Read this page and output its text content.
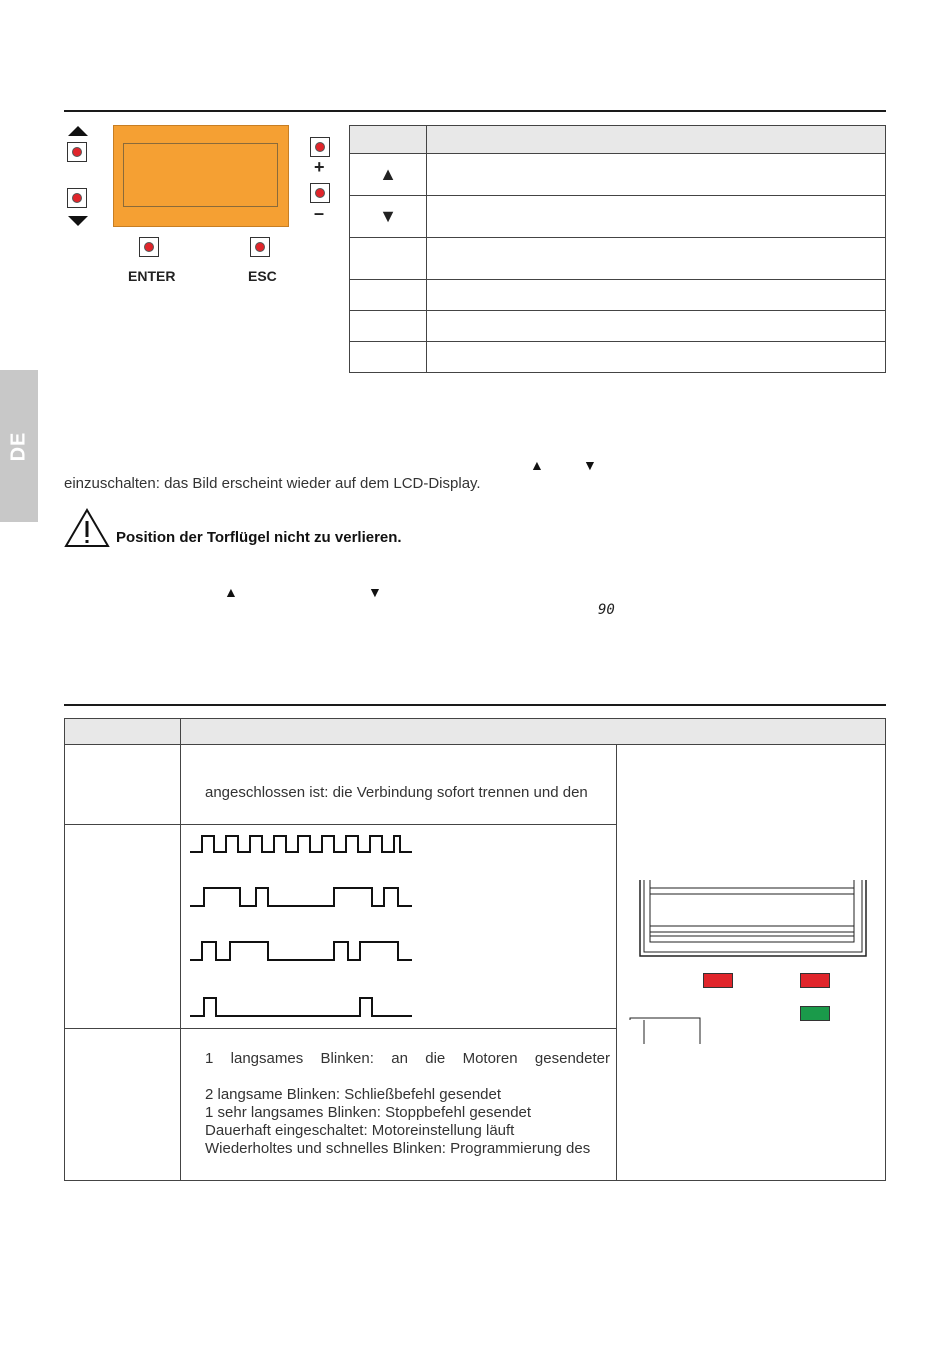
DE
+
–
ENTER	ESC

▲	
▼	

▲	▼
einzuschalten: das Bild erscheint wieder auf dem LCD-Display.
Position der Torflügel nicht zu verlieren.
▲	▼
90
angeschlossen ist: die Verbindung sofort trennen und den
1 langsames Blinken: an die Motoren gesendeter
2 langsame Blinken: Schließbefehl gesendet
1 sehr langsames Blinken: Stoppbefehl gesendet
Dauerhaft eingeschaltet: Motoreinstellung läuft
Wiederholtes und schnelles Blinken: Programmierung des
